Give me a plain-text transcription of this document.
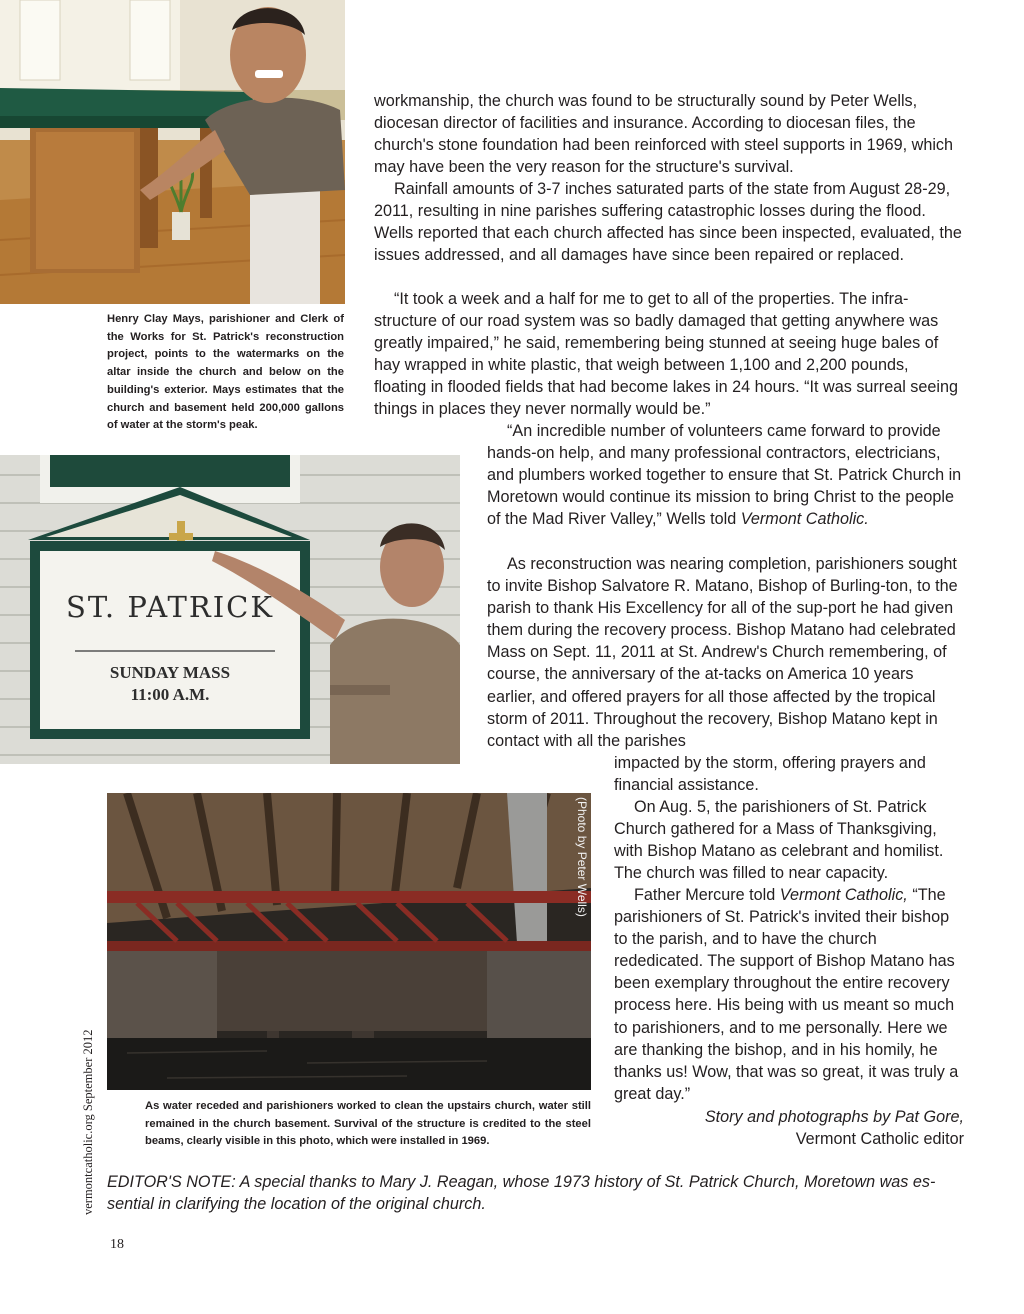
Henry Clay Mays, parishioner and Clerk of the Works for St. Patrick's reconstruction project, points to the watermarks on the altar inside the church and below on the building's exterior. Mays estimates that the church and basement held 200,000 gallons of water at the storm's peak.

ST. PATRICK
SUNDAY MASS
11:00 A.M.
(Photo by Peter Wells)

As water receded and parishioners worked to clean the upstairs church, water still remained in the church basement. Survival of the structure is credited to the steel beams, clearly visible in this photo, which were installed in 1969.

workmanship, the church was found to be structurally sound by Peter Wells, diocesan director of facilities and insurance. According to diocesan files, the church's stone foundation had been reinforced with steel supports in 1969, which may have been the very reason for the structure's survival.

Rainfall amounts of 3-7 inches saturated parts of the state from August 28-29, 2011, resulting in nine parishes suffering catastrophic losses during the flood. Wells reported that each church affected has since been inspected, evaluated, the issues addressed, and all damages have since been repaired or replaced.

“It took a week and a half for me to get to all of the properties. The infra-structure of our road system was so badly damaged that getting anywhere was greatly impaired,” he said, remembering being stunned at seeing huge bales of hay wrapped in white plastic, that weigh between 1,100 and 2,200 pounds, floating in flooded fields that had become lakes in 24 hours. “It was surreal seeing things in places they never normally would be.”

“An incredible number of volunteers came forward to provide hands-on help, and many professional contractors, electricians, and plumbers worked together to ensure that St. Patrick Church in Moretown would continue its mission to bring Christ to the people of the Mad River Valley,” Wells told Vermont Catholic.

As reconstruction was nearing completion, parishioners sought to invite Bishop Salvatore R. Matano, Bishop of Burling-ton, to the parish to thank His Excellency for all of the sup-port he had given them during the recovery process. Bishop Matano had celebrated Mass on Sept. 11, 2011 at St. Andrew's Church remembering, of course, the anniversary of the at-tacks on America 10 years earlier, and offered prayers for all those affected by the tropical storm of 2011. Throughout the recovery, Bishop Matano kept in contact with all the parishes

impacted by the storm, offering prayers and financial assistance.

On Aug. 5, the parishioners of St. Patrick Church gathered for a Mass of Thanksgiving, with Bishop Matano as celebrant and homilist. The church was filled to near capacity.

Father Mercure told Vermont Catholic, “The parishioners of St. Patrick's invited their bishop to the parish, and to have the church rededicated. The support of Bishop Matano has been exemplary throughout the entire recovery process here. His being with us meant so much to parishioners, and to me personally. Here we are thanking the bishop, and in his homily, he thanks us! Wow, that was so great, it was truly a great day.”

Story and photographs by Pat Gore,
Vermont Catholic editor

EDITOR'S NOTE: A special thanks to Mary J. Reagan, whose 1973 history of St. Patrick Church, Moretown was es-sential in clarifying the location of the original church.

vermontcatholic.org September 2012
18
